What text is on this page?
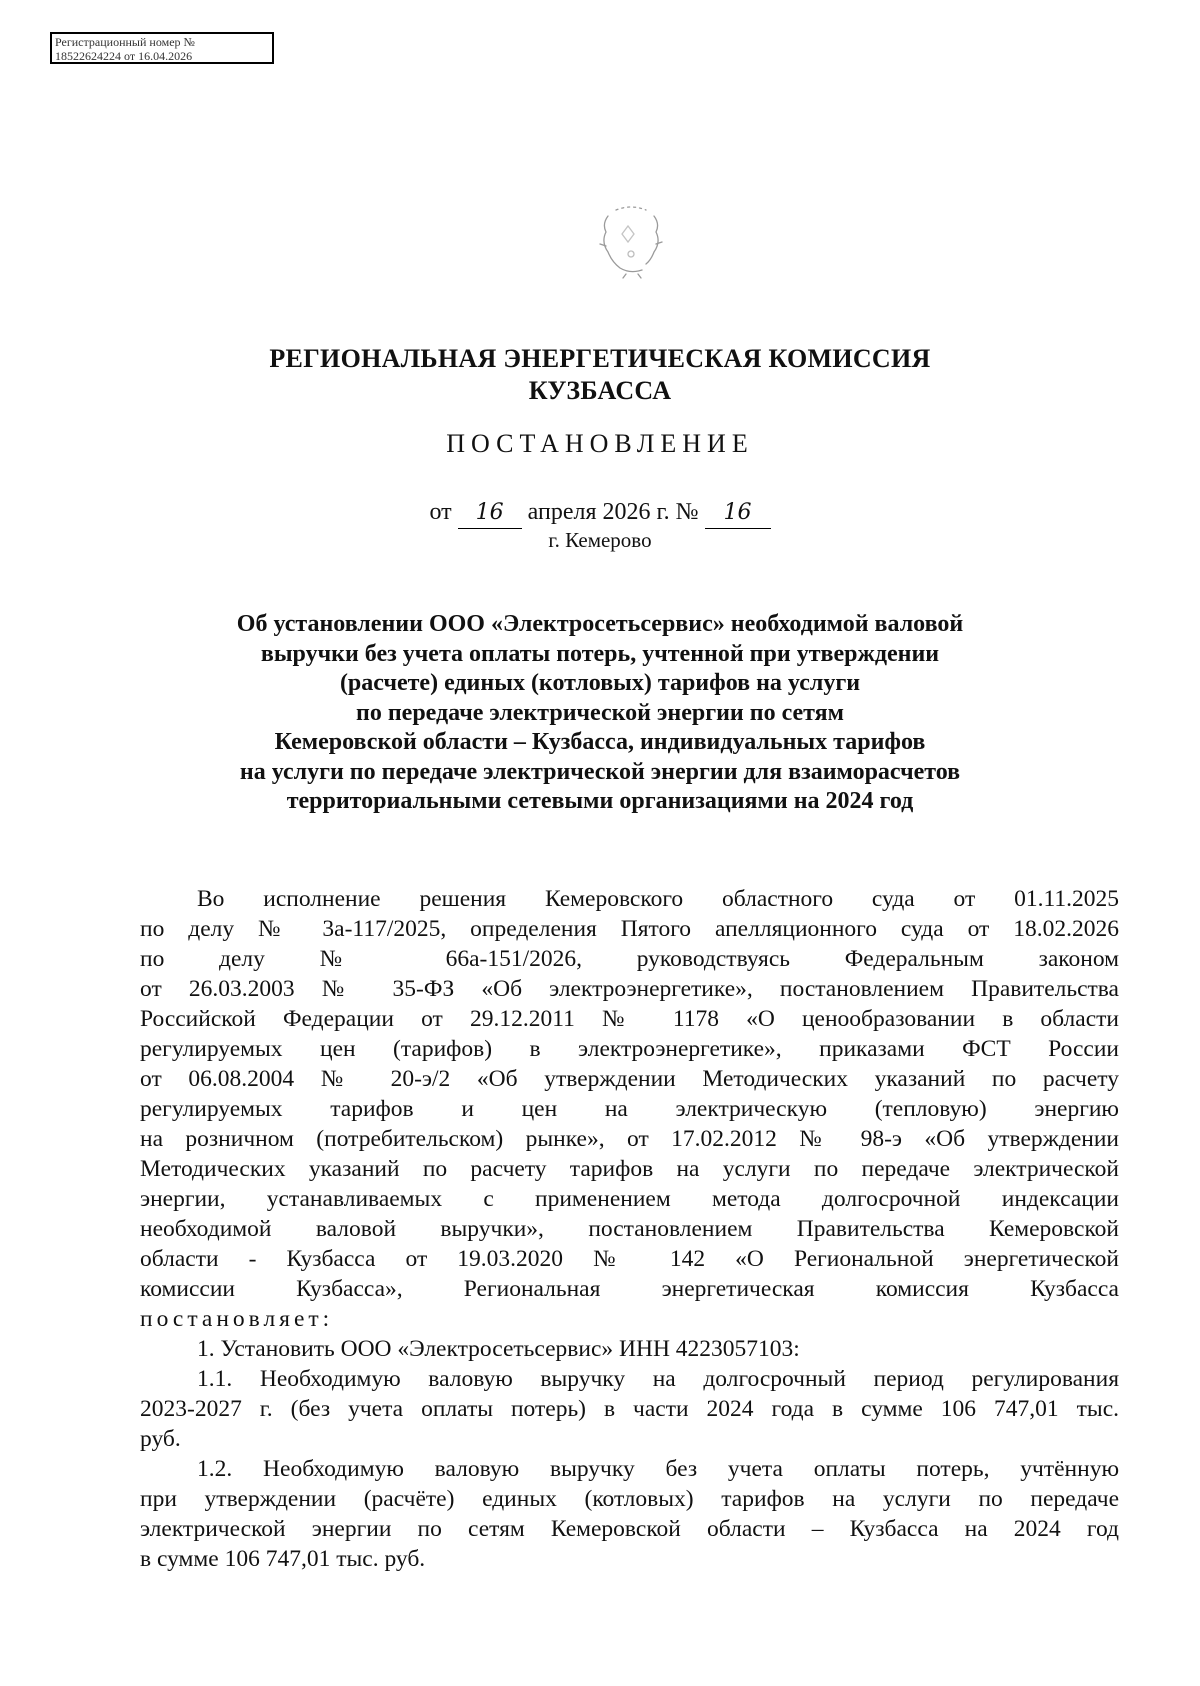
Регистрационный номер №
18522624224 от 16.04.2026
РЕГИОНАЛЬНАЯ ЭНЕРГЕТИЧЕСКАЯ КОМИССИЯ
КУЗБАССА
ПОСТАНОВЛЕНИЕ
от 16 апреля 2026 г. № 16
г. Кемерово
Об установлении ООО «Электросетьсервис» необходимой валовой
выручки без учета оплаты потерь, учтенной при утверждении
(расчете) единых (котловых) тарифов на услуги
по передаче электрической энергии по сетям
Кемеровской области – Кузбасса, индивидуальных тарифов
на услуги по передаче электрической энергии для взаиморасчетов
территориальными сетевыми организациями на 2024 год
Во исполнение решения Кемеровского областного суда от 01.11.2025
по делу № 3а-117/2025, определения Пятого апелляционного суда от 18.02.2026
по делу № 66а-151/2026, руководствуясь Федеральным законом
от 26.03.2003 № 35-ФЗ «Об электроэнергетике», постановлением Правительства
Российской Федерации от 29.12.2011 № 1178 «О ценообразовании в области
регулируемых цен (тарифов) в электроэнергетике», приказами ФСТ России
от 06.08.2004 № 20-э/2 «Об утверждении Методических указаний по расчету
регулируемых тарифов и цен на электрическую (тепловую) энергию
на розничном (потребительском) рынке», от 17.02.2012 № 98-э «Об утверждении
Методических указаний по расчету тарифов на услуги по передаче электрической
энергии, устанавливаемых с применением метода долгосрочной индексации
необходимой валовой выручки», постановлением Правительства Кемеровской
области - Кузбасса от 19.03.2020 № 142 «О Региональной энергетической
комиссии Кузбасса», Региональная энергетическая комиссия Кузбасса
постановляет:
1. Установить ООО «Электросетьсервис» ИНН 4223057103:
1.1. Необходимую валовую выручку на долгосрочный период регулирования
2023-2027 г. (без учета оплаты потерь) в части 2024 года в сумме 106 747,01 тыс.
руб.
1.2. Необходимую валовую выручку без учета оплаты потерь, учтённую
при утверждении (расчёте) единых (котловых) тарифов на услуги по передаче
электрической энергии по сетям Кемеровской области – Кузбасса на 2024 год
в сумме 106 747,01 тыс. руб.
